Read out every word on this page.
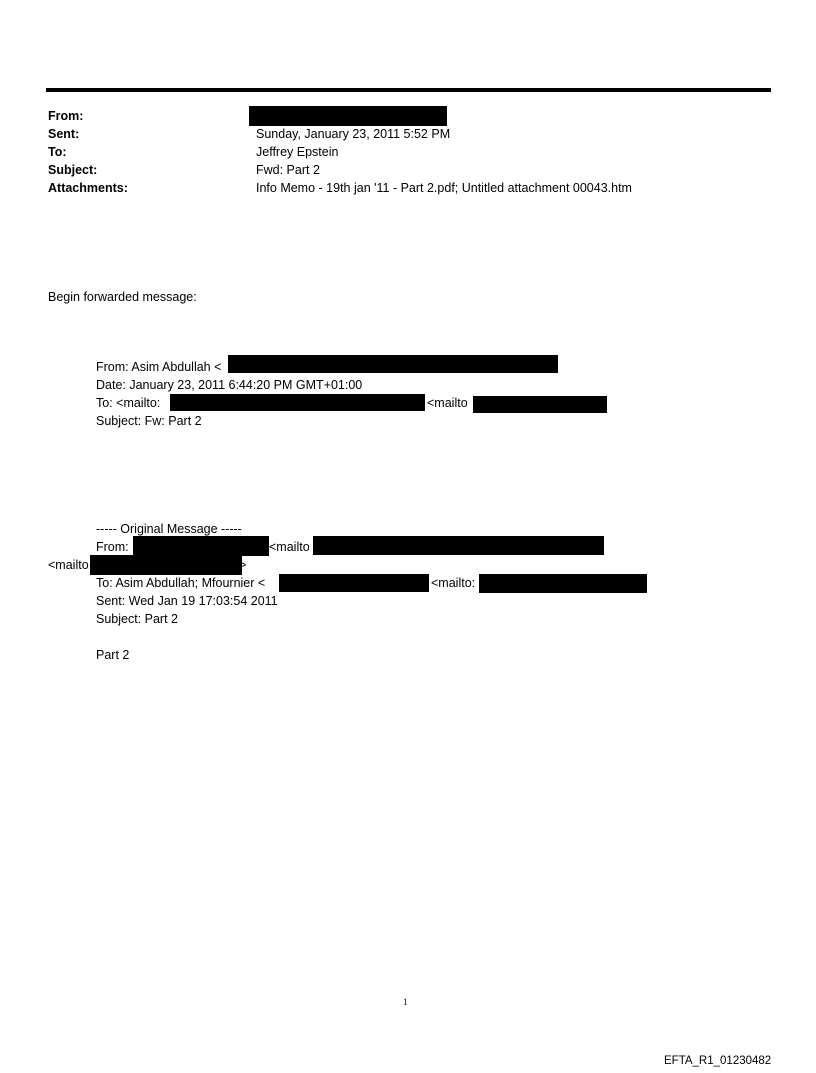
From:
Sent:	Sunday, January 23, 2011 5:52 PM
To:	Jeffrey Epstein
Subject:	Fwd: Part 2
Attachments:	Info Memo - 19th jan '11 - Part 2.pdf; Untitled attachment 00043.htm
Begin forwarded message:
From: Asim Abdullah <
Date: January 23, 2011 6:44:20 PM GMT+01:00
To: <mailto:	<mailto
Subject: Fw: Part 2
----- Original Message -----
From:	<mailto
<mailto	>
To: Asim Abdullah; Mfournier <	<mailto:
Sent: Wed Jan 19 17:03:54 2011
Subject: Part 2
Part 2
1
EFTA_R1_01230482
